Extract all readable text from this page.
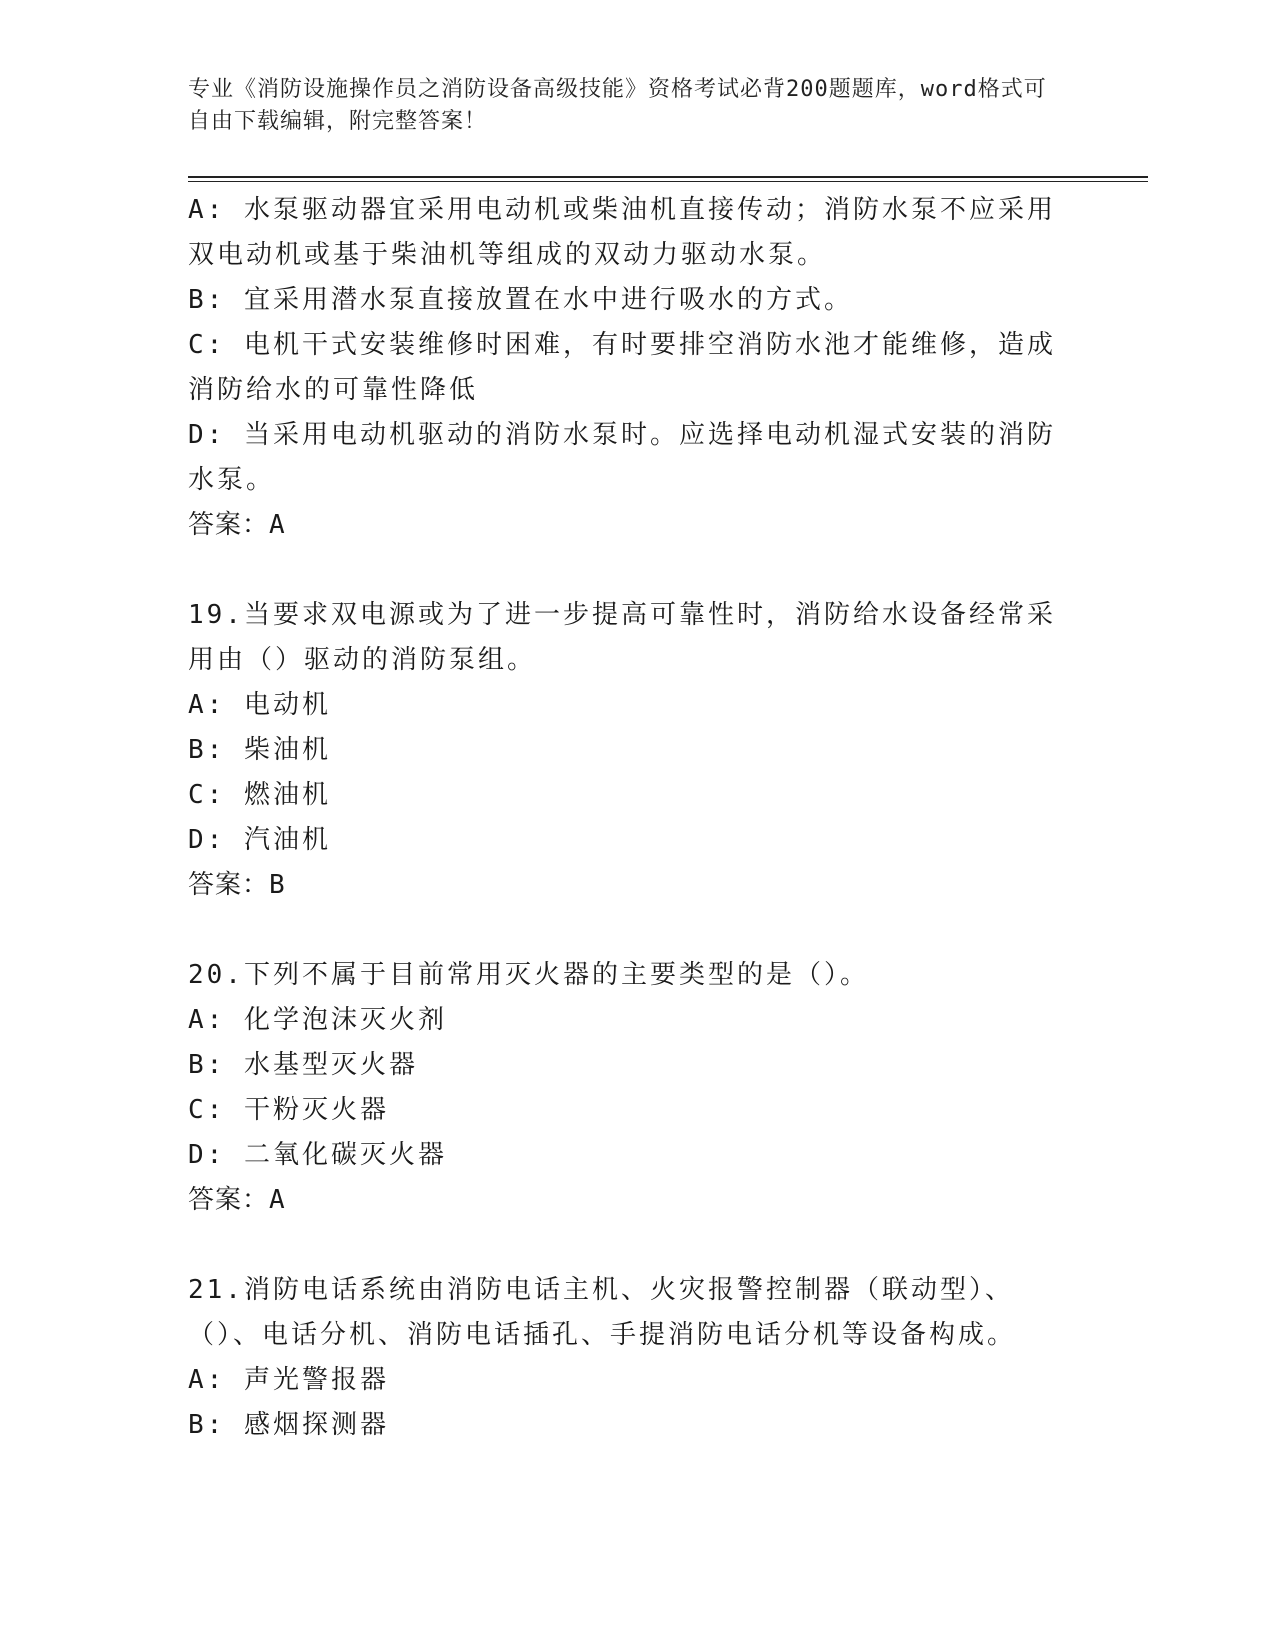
专业《消防设施操作员之消防设备高级技能》资格考试必背200题题库，word格式可自由下载编辑，附完整答案！

A: 水泵驱动器宜采用电动机或柴油机直接传动；消防水泵不应采用双电动机或基于柴油机等组成的双动力驱动水泵。

B: 宜采用潜水泵直接放置在水中进行吸水的方式。

C: 电机干式安装维修时困难，有时要排空消防水池才能维修，造成消防给水的可靠性降低

D: 当采用电动机驱动的消防水泵时。应选择电动机湿式安装的消防水泵。

答案：A

19.当要求双电源或为了进一步提高可靠性时，消防给水设备经常采用由（）驱动的消防泵组。

A: 电动机

B: 柴油机

C: 燃油机

D: 汽油机

答案：B

20.下列不属于目前常用灭火器的主要类型的是（）。

A: 化学泡沫灭火剂

B: 水基型灭火器

C: 干粉灭火器

D: 二氧化碳灭火器

答案：A

21.消防电话系统由消防电话主机、火灾报警控制器（联动型）、（）、电话分机、消防电话插孔、手提消防电话分机等设备构成。

A: 声光警报器

B: 感烟探测器
